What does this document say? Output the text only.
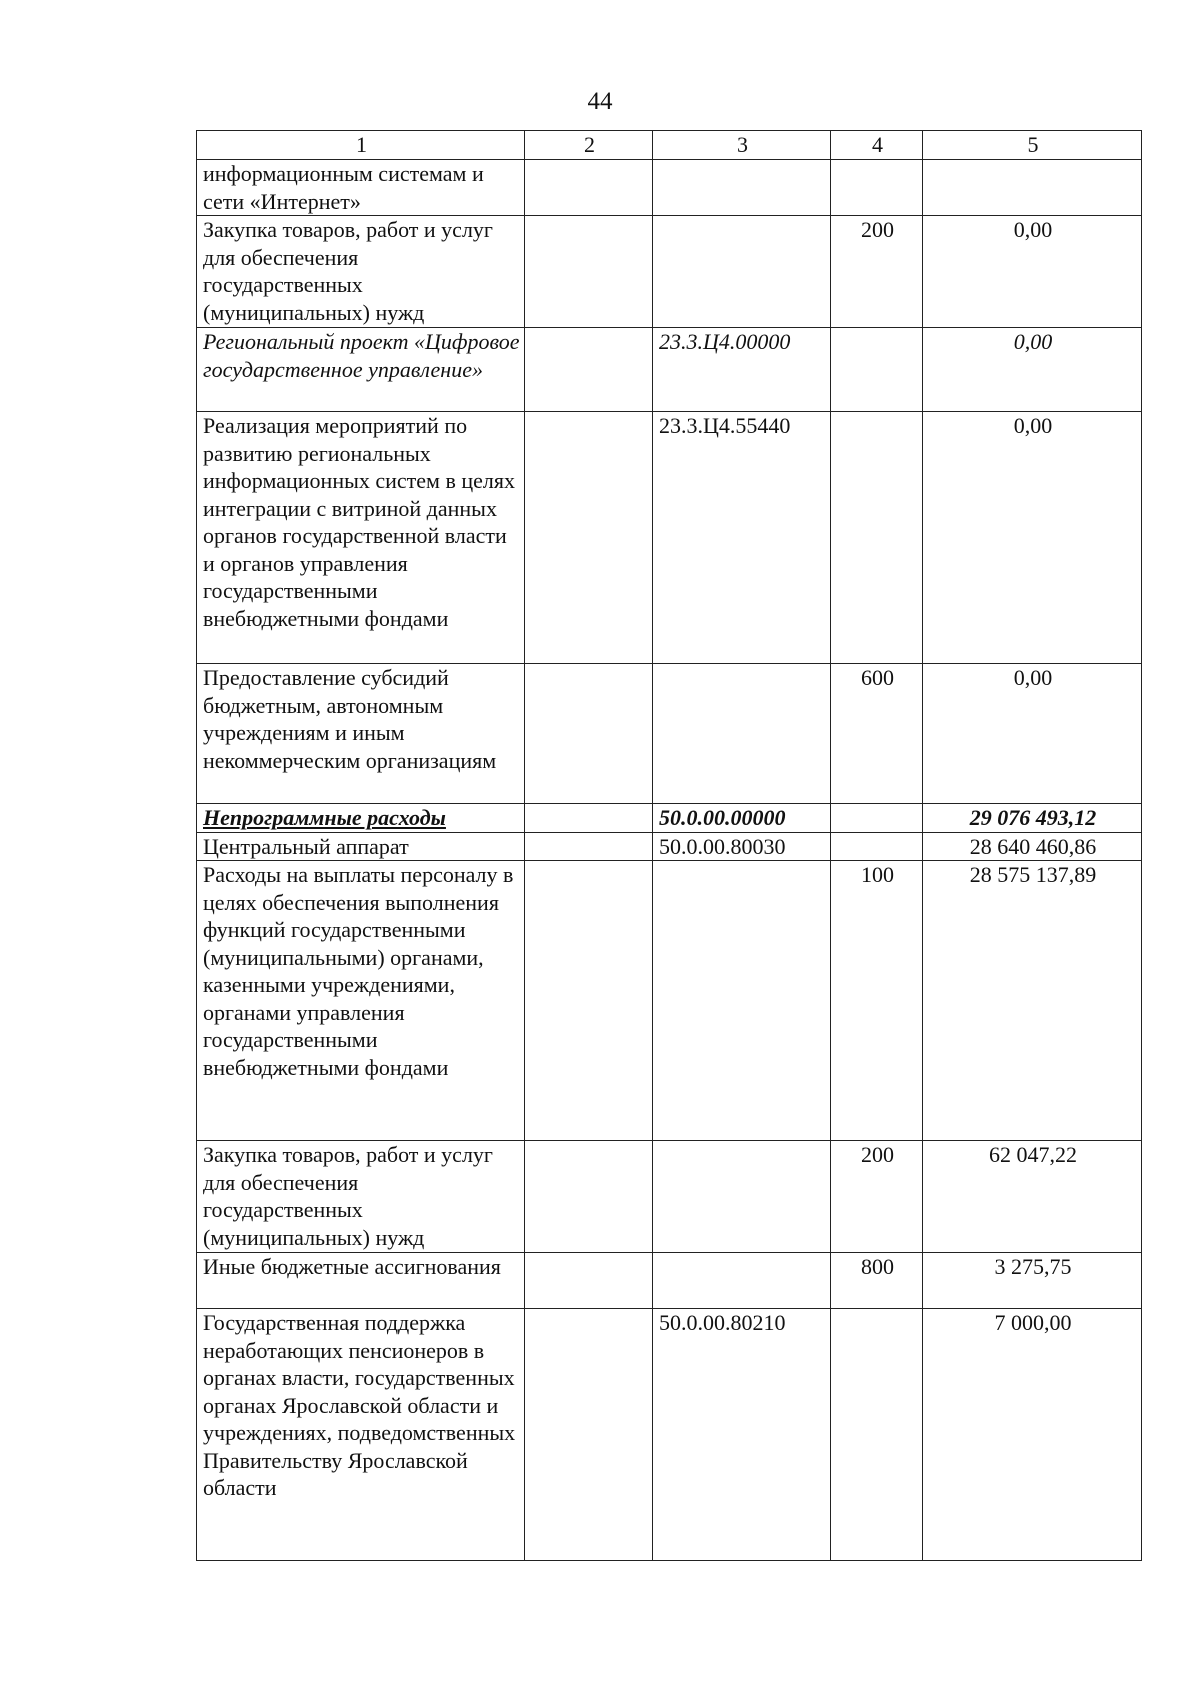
44
1	2	3	4	5
информационным системам и сети «Интернет»				
Закупка товаров, работ и услуг для обеспечения государственных (муниципальных) нужд			200	0,00
Региональный проект «Цифровое государственное управление»		23.3.Ц4.00000		0,00
Реализация мероприятий по развитию региональных информационных систем в целях интеграции с витриной данных органов государственной власти и органов управления государственными внебюджетными фондами		23.3.Ц4.55440		0,00
Предоставление субсидий бюджетным, автономным учреждениям и иным некоммерческим организациям			600	0,00
Непрограммные расходы		50.0.00.00000		29 076 493,12
Центральный аппарат		50.0.00.80030		28 640 460,86
Расходы на выплаты персоналу в целях обеспечения выполнения функций государственными (муниципальными) органами, казенными учреждениями, органами управления государственными внебюджетными фондами			100	28 575 137,89
Закупка товаров, работ и услуг для обеспечения государственных (муниципальных) нужд			200	62 047,22
Иные бюджетные ассигнования			800	3 275,75
Государственная поддержка неработающих пенсионеров в органах власти, государственных органах Ярославской области и учреждениях, подведомственных Правительству Ярославской области		50.0.00.80210		7 000,00
